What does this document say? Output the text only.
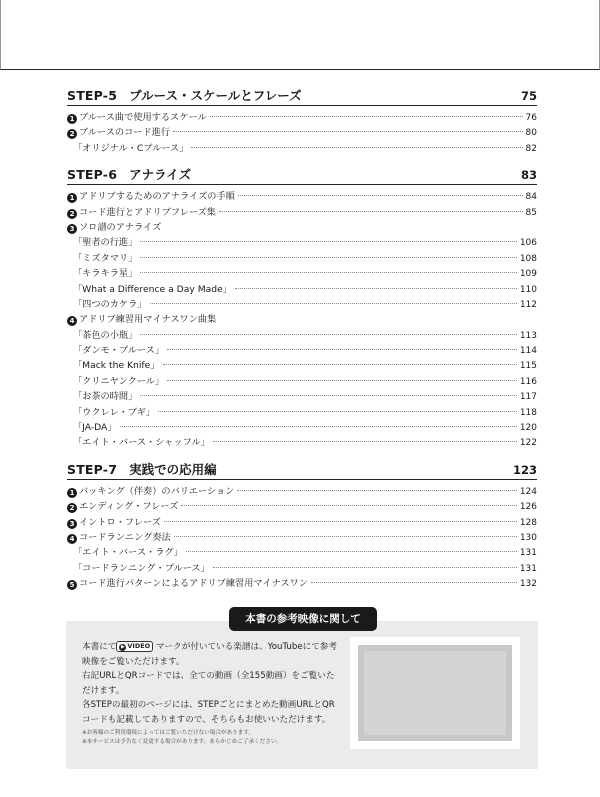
STEP-5 ブルース・スケールとフレーズ	75
1 ブルース曲で使用するスケール	76
2 ブルースのコード進行	80
「オリジナル・Cブルース」	82
STEP-6 アナライズ	83
1 アドリブするためのアナライズの手順	84
2 コード進行とアドリブフレーズ集	85
3 ソロ譜のアナライズ
「聖者の行進」	106
「ミズタマリ」	108
「キラキラ星」	109
「What a Difference a Day Made」	110
「四つのカケラ」	112
4 アドリブ練習用マイナスワン曲集
「茶色の小瓶」	113
「ダンモ・ブルース」	114
「Mack the Knife」	115
「クリニヤンクール」	116
「お茶の時間」	117
「ウクレレ・ブギ」	118
「JA-DA」	120
「エイト・バース・シャッフル」	122
STEP-7 実践での応用編	123
1 バッキング（伴奏）のバリエーション	124
2 エンディング・フレーズ	126
3 イントロ・フレーズ	128
4 コードランニング奏法	130
「エイト・バース・ラグ」	131
「コードランニング・ブルース」	131
5 コード進行パターンによるアドリブ練習用マイナスワン	132
本書の参考映像に関して
本書にて ▶ VIDEO マークが付いている楽譜は、YouTubeにて参考映像をご覧いただけます。
右記URLとQRコードでは、全ての動画（全155動画）をご覧いただけます。
各STEPの最初のページには、STEPごとにまとめた動画URLとQRコードも記載してありますので、そちらもお使いいただけます。
※お客様のご利用環境によってはご覧いただけない場合があります。
※本サービスは予告なく変更する場合があります。あらかじめご了承ください。
